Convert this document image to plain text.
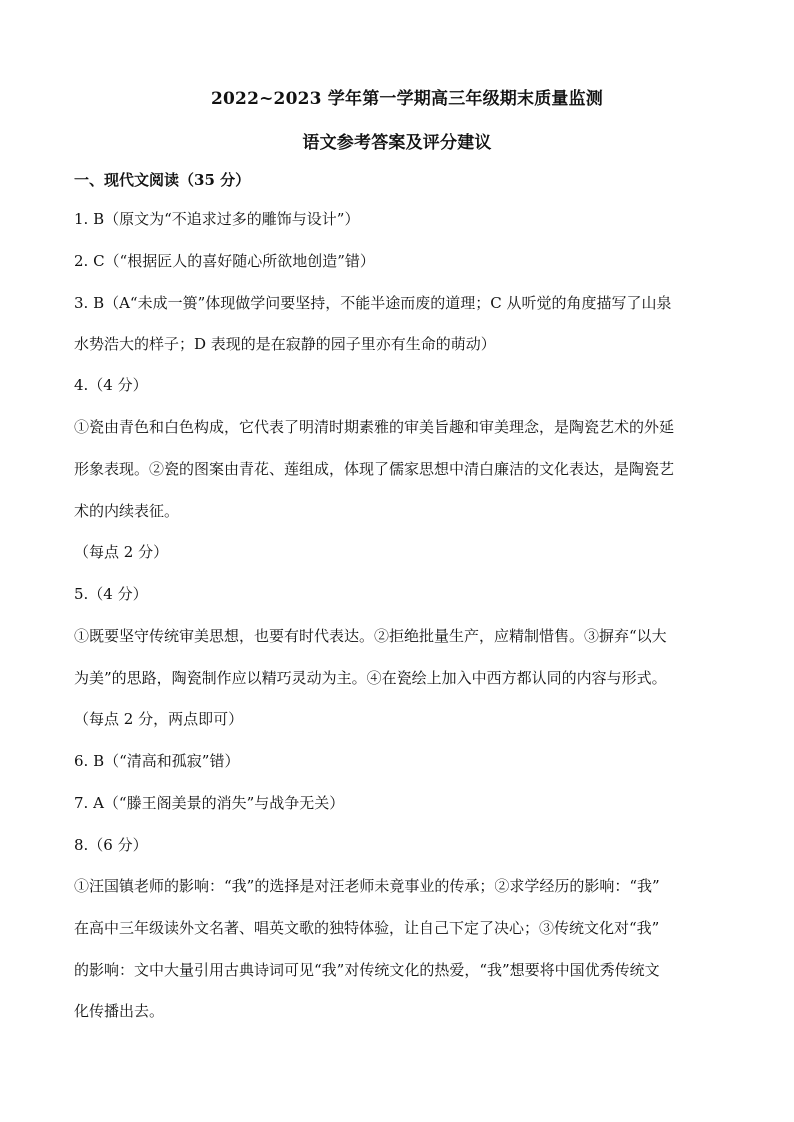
2022~2023 学年第一学期高三年级期末质量监测
语文参考答案及评分建议
一、现代文阅读（35 分）
1. B（原文为“不追求过多的雕饰与设计”）
2. C（“根据匠人的喜好随心所欲地创造”错）
3. B（A“未成一篑”体现做学问要坚持，不能半途而废的道理；C 从听觉的角度描写了山泉
水势浩大的样子；D 表现的是在寂静的园子里亦有生命的萌动）
4.（4 分）
①瓷由青色和白色构成，它代表了明清时期素雅的审美旨趣和审美理念，是陶瓷艺术的外延
形象表现。②瓷的图案由青花、莲组成，体现了儒家思想中清白廉洁的文化表达，是陶瓷艺
术的内续表征。
（每点 2 分）
5.（4 分）
①既要坚守传统审美思想，也要有时代表达。②拒绝批量生产，应精制惜售。③摒弃“以大
为美”的思路，陶瓷制作应以精巧灵动为主。④在瓷绘上加入中西方都认同的内容与形式。
（每点 2 分，两点即可）
6. B（“清高和孤寂”错）
7. A（“滕王阁美景的消失”与战争无关）
8.（6 分）
①汪国镇老师的影响：“我”的选择是对汪老师未竟事业的传承；②求学经历的影响：“我”
在高中三年级读外文名著、唱英文歌的独特体验，让自己下定了决心；③传统文化对“我”
的影响：文中大量引用古典诗词可见“我”对传统文化的热爱，“我”想要将中国优秀传统文
化传播出去。
